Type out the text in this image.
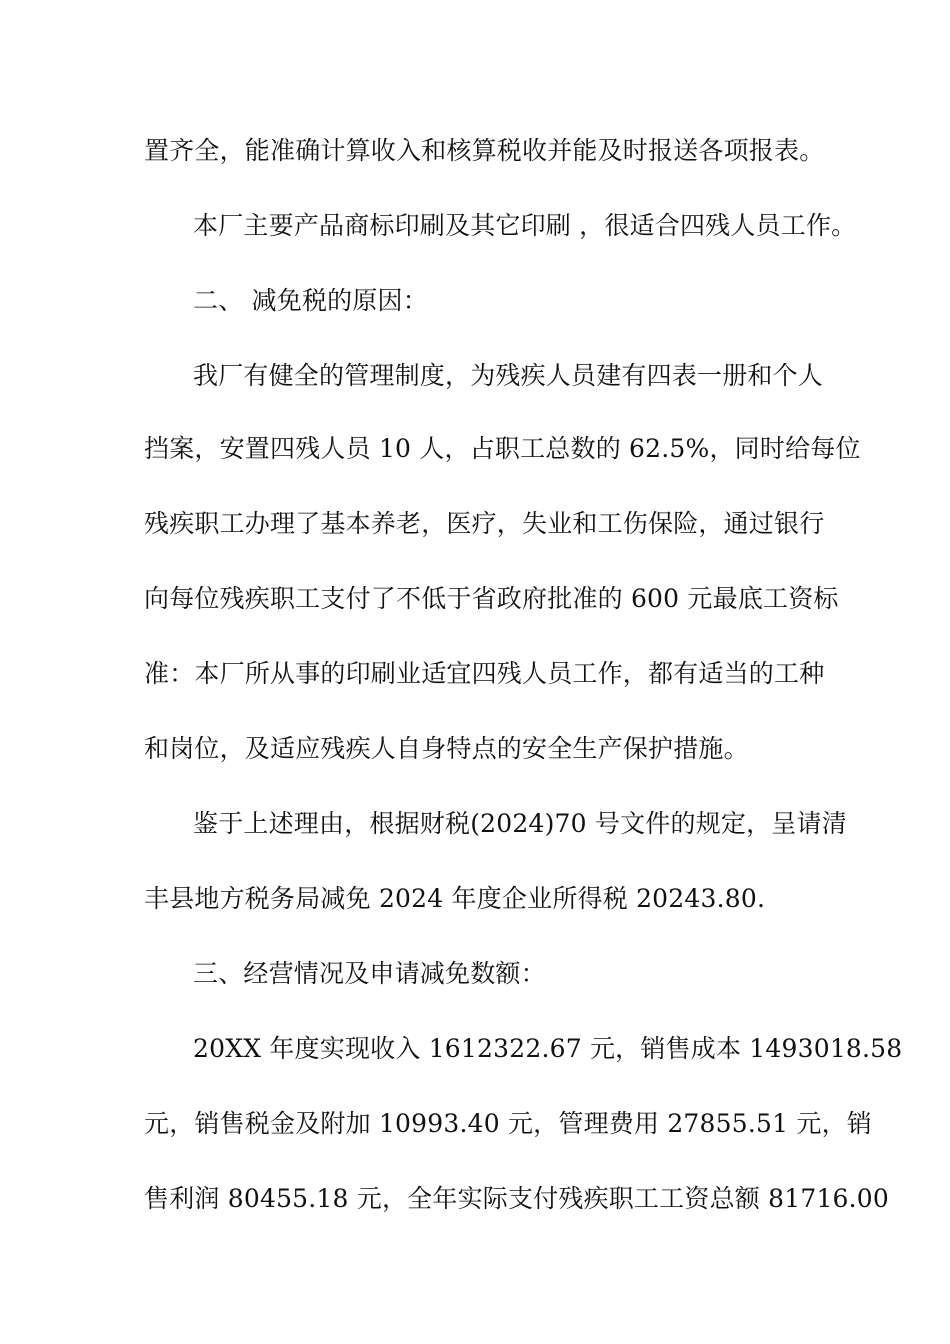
置齐全，能准确计算收入和核算税收并能及时报送各项报表。
本厂主要产品商标印刷及其它印刷 ，很适合四残人员工作。
二、 减免税的原因：
我厂有健全的管理制度，为残疾人员建有四表一册和个人
挡案，安置四残人员 10 人，占职工总数的 62.5%，同时给每位
残疾职工办理了基本养老，医疗，失业和工伤保险，通过银行
向每位残疾职工支付了不低于省政府批准的 600 元最底工资标
准：本厂所从事的印刷业适宜四残人员工作，都有适当的工种
和岗位，及适应残疾人自身特点的安全生产保护措施。
鉴于上述理由，根据财税(2024)70 号文件的规定，呈请清
丰县地方税务局减免 2024 年度企业所得税 20243.80.
三、经营情况及申请减免数额：
20XX 年度实现收入 1612322.67 元，销售成本 1493018.58
元，销售税金及附加 10993.40 元，管理费用 27855.51 元，销
售利润 80455.18 元，全年实际支付残疾职工工资总额 81716.00
